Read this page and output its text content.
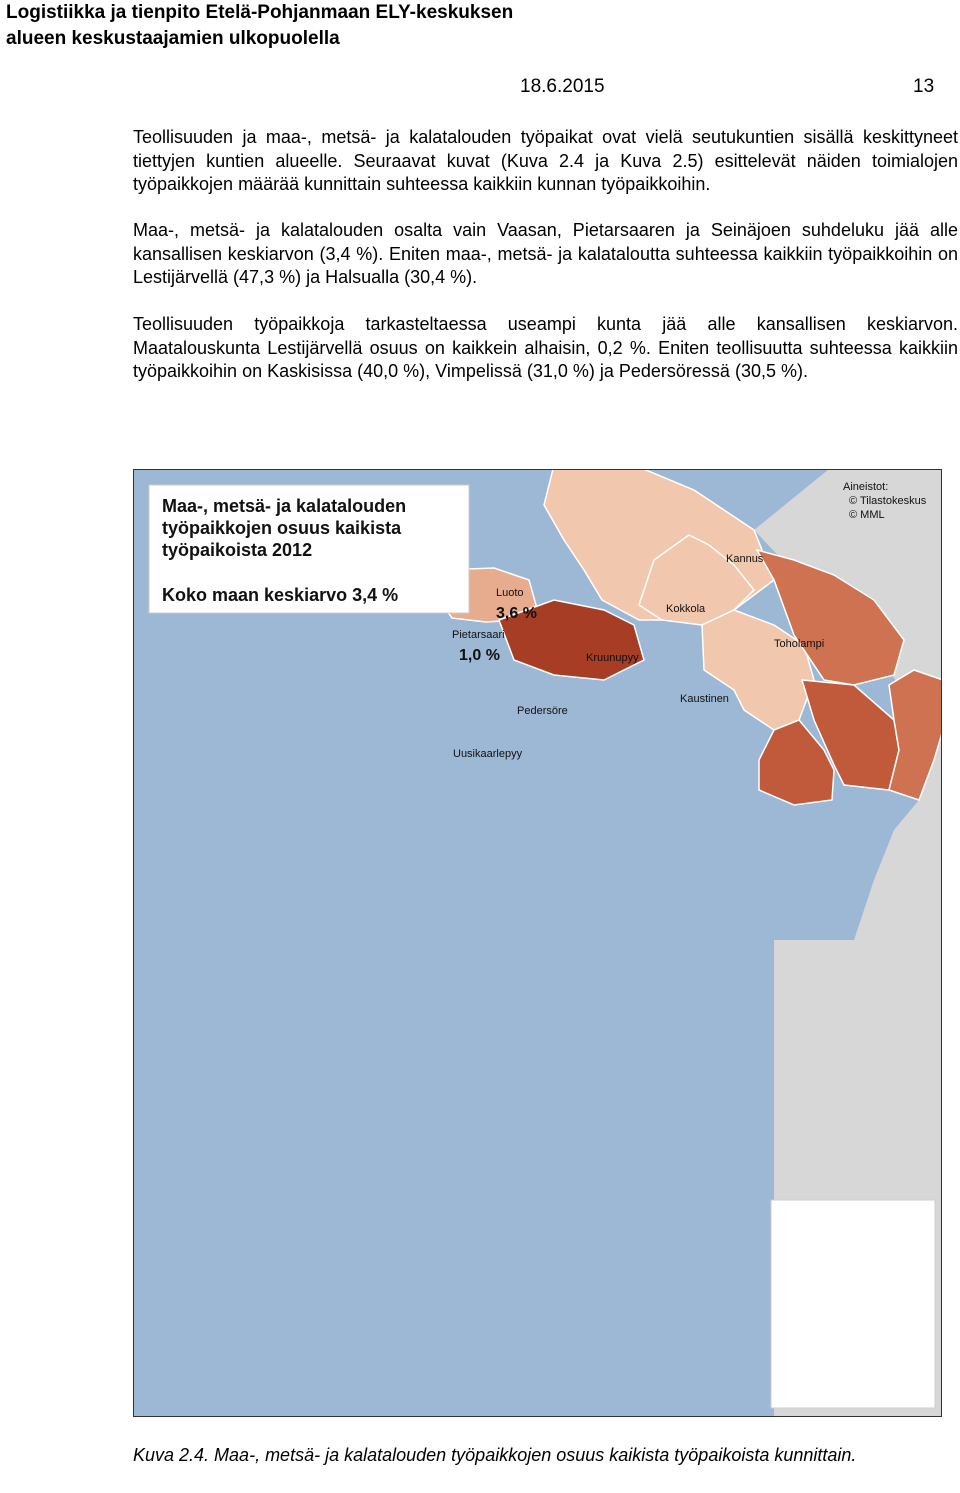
Logistiikka ja tienpito Etelä-Pohjanmaan ELY-keskuksen alueen keskustaajamien ulkopuolella
18.6.2015	13

Teollisuuden ja maa-, metsä- ja kalatalouden työpaikat ovat vielä seutukuntien sisällä keskittyneet tiettyjen kuntien alueelle. Seuraavat kuvat (Kuva 2.4 ja Kuva 2.5) esittelevät näiden toimialojen työpaikkojen määrää kunnittain suhteessa kaikkiin kunnan työpaikkoihin.

Maa-, metsä- ja kalatalouden osalta vain Vaasan, Pietarsaaren ja Seinäjoen suhdeluku jää alle kansallisen keskiarvon (3,4 %). Eniten maa-, metsä- ja kalataloutta suhteessa kaikkiin työpaikkoihin on Lestijärvellä (47,3 %) ja Halsualla (30,4 %).

Teollisuuden työpaikkoja tarkasteltaessa useampi kunta jää alle kansallisen keskiarvon. Maatalouskunta Lestijärvellä osuus on kaikkein alhaisin, 0,2 %. Eniten teollisuutta suhteessa kaikkiin työpaikkoihin on Kaskisissa (40,0 %), Vimpelissä (31,0 %) ja Pedersöressä (30,5 %).

Kannus
Kokkola
Toholampi
Luoto
3,6 %
Pietarsaari
1,0 %	Kruunupyy
Kaustinen
Pedersöre
Uusikaarlepyy
Maa-, metsä- ja kalatalouden
työpaikkojen osuus kaikista
työpaikoista 2012
Koko maan keskiarvo 3,4 %
Aineistot:
© Tilastokeskus
© MML
Kuva 2.4. Maa-, metsä- ja kalatalouden työpaikkojen osuus kaikista työpaikoista kunnittain.
